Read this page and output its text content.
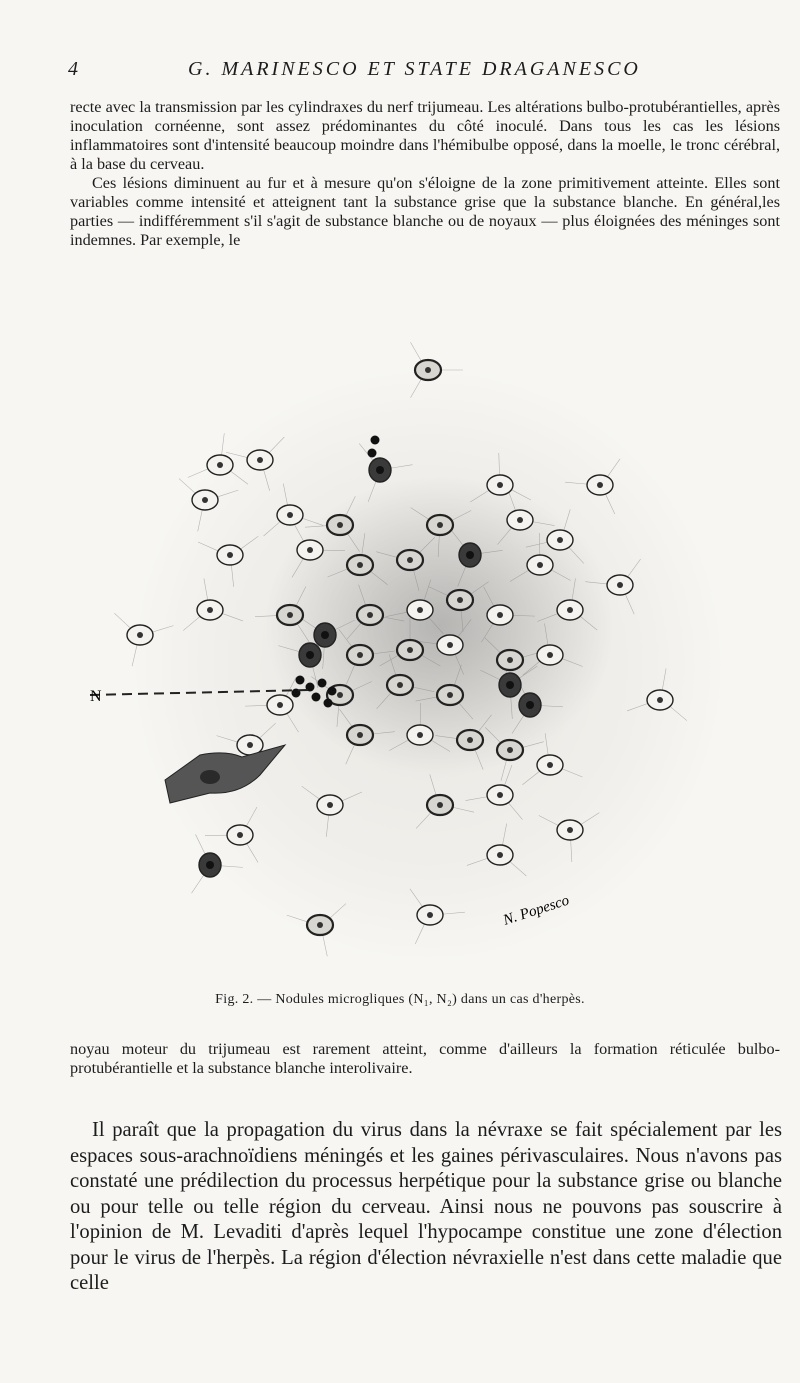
4	G. MARINESCO ET STATE DRAGANESCO

recte avec la transmission par les cylindraxes du nerf trijumeau. Les altérations bulbo-protubérantielles, après inoculation cornéenne, sont assez prédominantes du côté inoculé. Dans tous les cas les lésions inflammatoires sont d'intensité beaucoup moindre dans l'hémibulbe opposé, dans la moelle, le tronc cérébral, à la base du cerveau.

Ces lésions diminuent au fur et à mesure qu'on s'éloigne de la zone primitivement atteinte. Elles sont variables comme intensité et atteignent tant la substance grise que la substance blanche. En général,les parties — indifféremment s'il s'agit de substance blanche ou de noyaux — plus éloignées des méninges sont indemnes. Par exemple, le

N
N. Popesco
Fig. 2. — Nodules microgliques (N₁, N₂) dans un cas d'herpès.

noyau moteur du trijumeau est rarement atteint, comme d'ailleurs la formation réticulée bulbo-protubérantielle et la substance blanche interolivaire.

Il paraît que la propagation du virus dans la névraxe se fait spécialement par les espaces sous-arachnoïdiens méningés et les gaines périvasculaires. Nous n'avons pas constaté une prédilection du processus herpétique pour la substance grise ou blanche ou pour telle ou telle région du cerveau. Ainsi nous ne pouvons pas souscrire à l'opinion de M. Levaditi d'après lequel l'hypocampe constitue une zone d'élection pour le virus de l'herpès. La région d'élection névraxielle n'est dans cette maladie que celle
